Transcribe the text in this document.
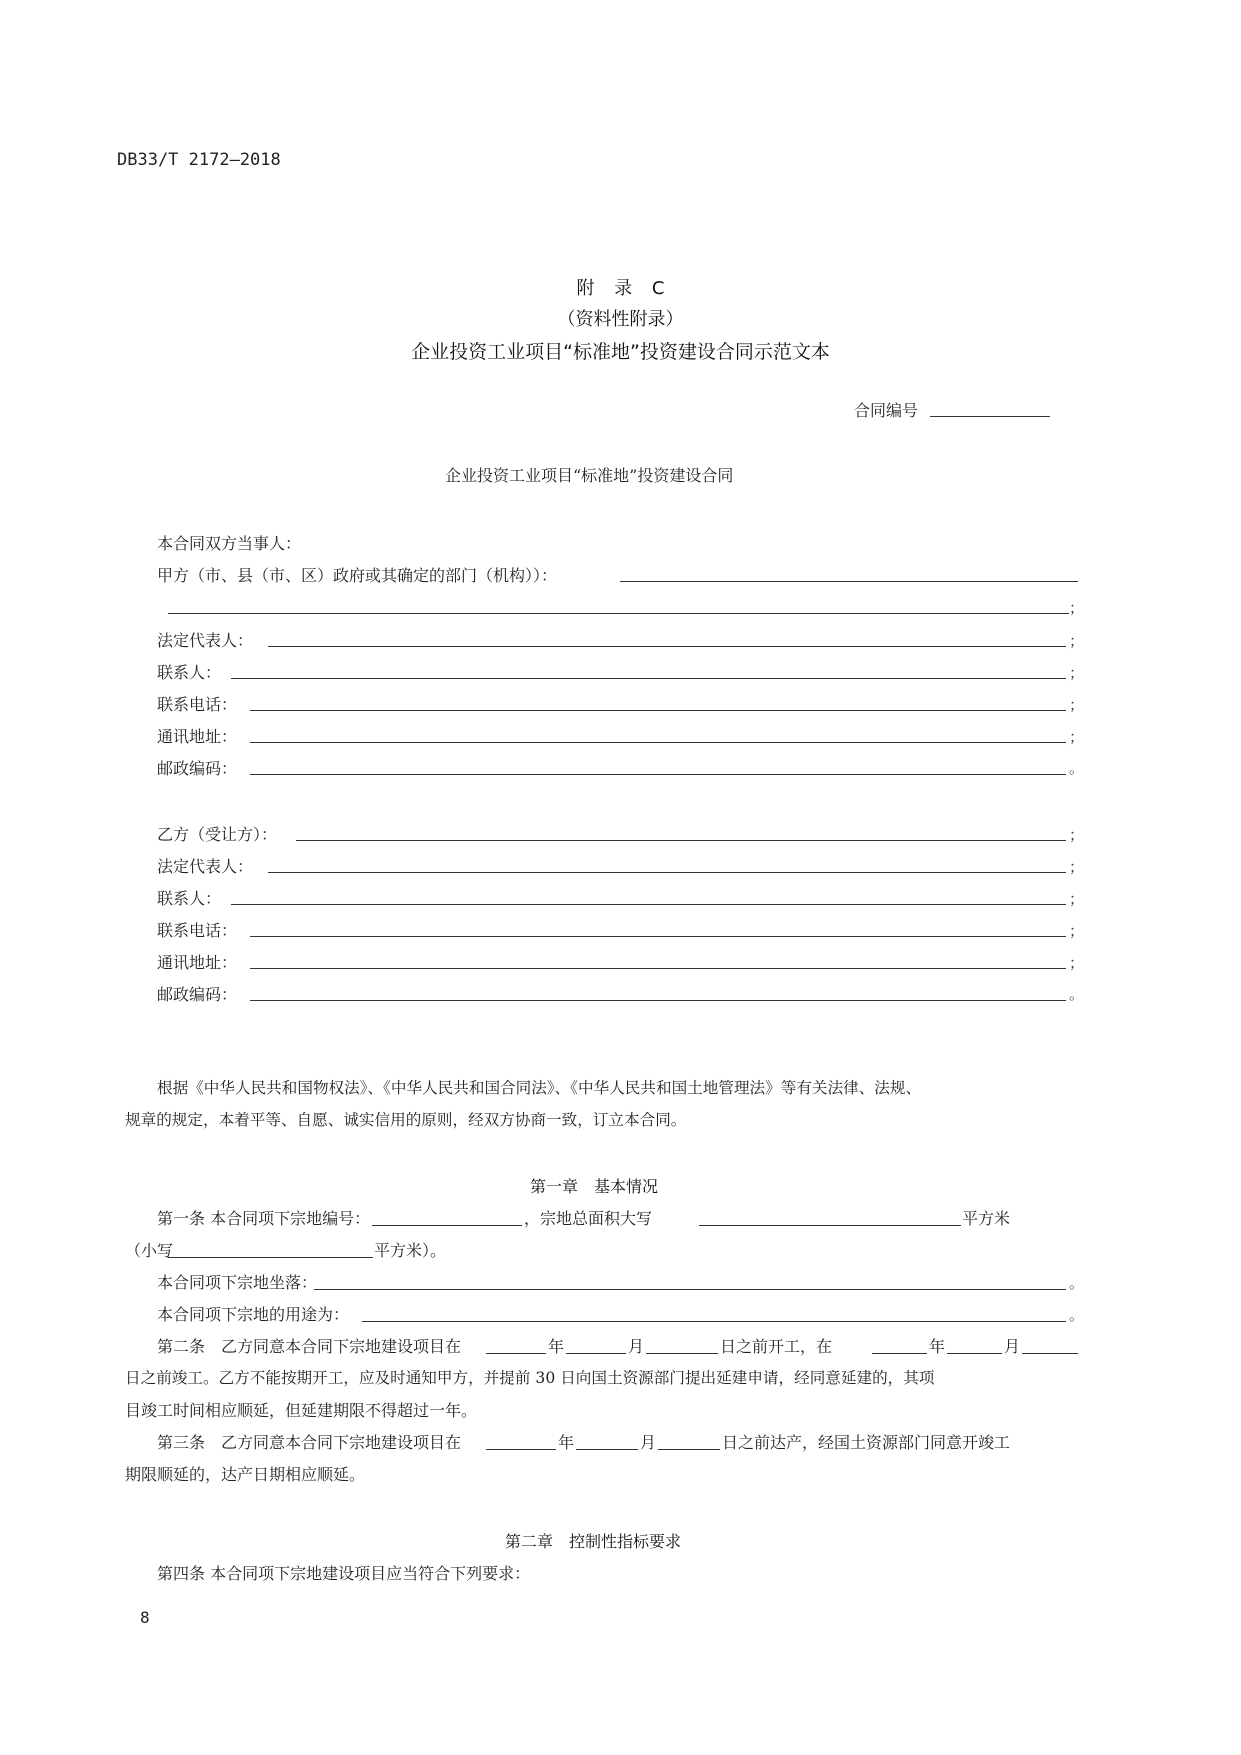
DB33/T 2172—2018
附 录 C
（资料性附录）
企业投资工业项目“标准地”投资建设合同示范文本
合同编号
企业投资工业项目“标准地”投资建设合同
本合同双方当事人：
甲方（市、县（市、区）政府或其确定的部门（机构））：
；
法定代表人：	；
联系人：	；
联系电话：	；
通讯地址：	；
邮政编码：	。
乙方（受让方）：	；
法定代表人：	；
联系人：	；
联系电话：	；
通讯地址：	；
邮政编码：	。
根据《中华人民共和国物权法》、《中华人民共和国合同法》、《中华人民共和国土地管理法》等有关法律、法规、
规章的规定，本着平等、自愿、诚实信用的原则，经双方协商一致，订立本合同。
第一章　基本情况
第一条 本合同项下宗地编号：	，宗地总面积大写	平方米
（小写	平方米）。
本合同项下宗地坐落：	。
本合同项下宗地的用途为：	。
第二条　乙方同意本合同下宗地建设项目在	年	月	日之前开工，在	年	月
日之前竣工。乙方不能按期开工，应及时通知甲方，并提前 30 日向国土资源部门提出延建申请，经同意延建的，其项
目竣工时间相应顺延，但延建期限不得超过一年。
第三条　乙方同意本合同下宗地建设项目在	年	月	日之前达产，经国土资源部门同意开竣工
期限顺延的，达产日期相应顺延。
第二章　控制性指标要求
第四条 本合同项下宗地建设项目应当符合下列要求：
8
